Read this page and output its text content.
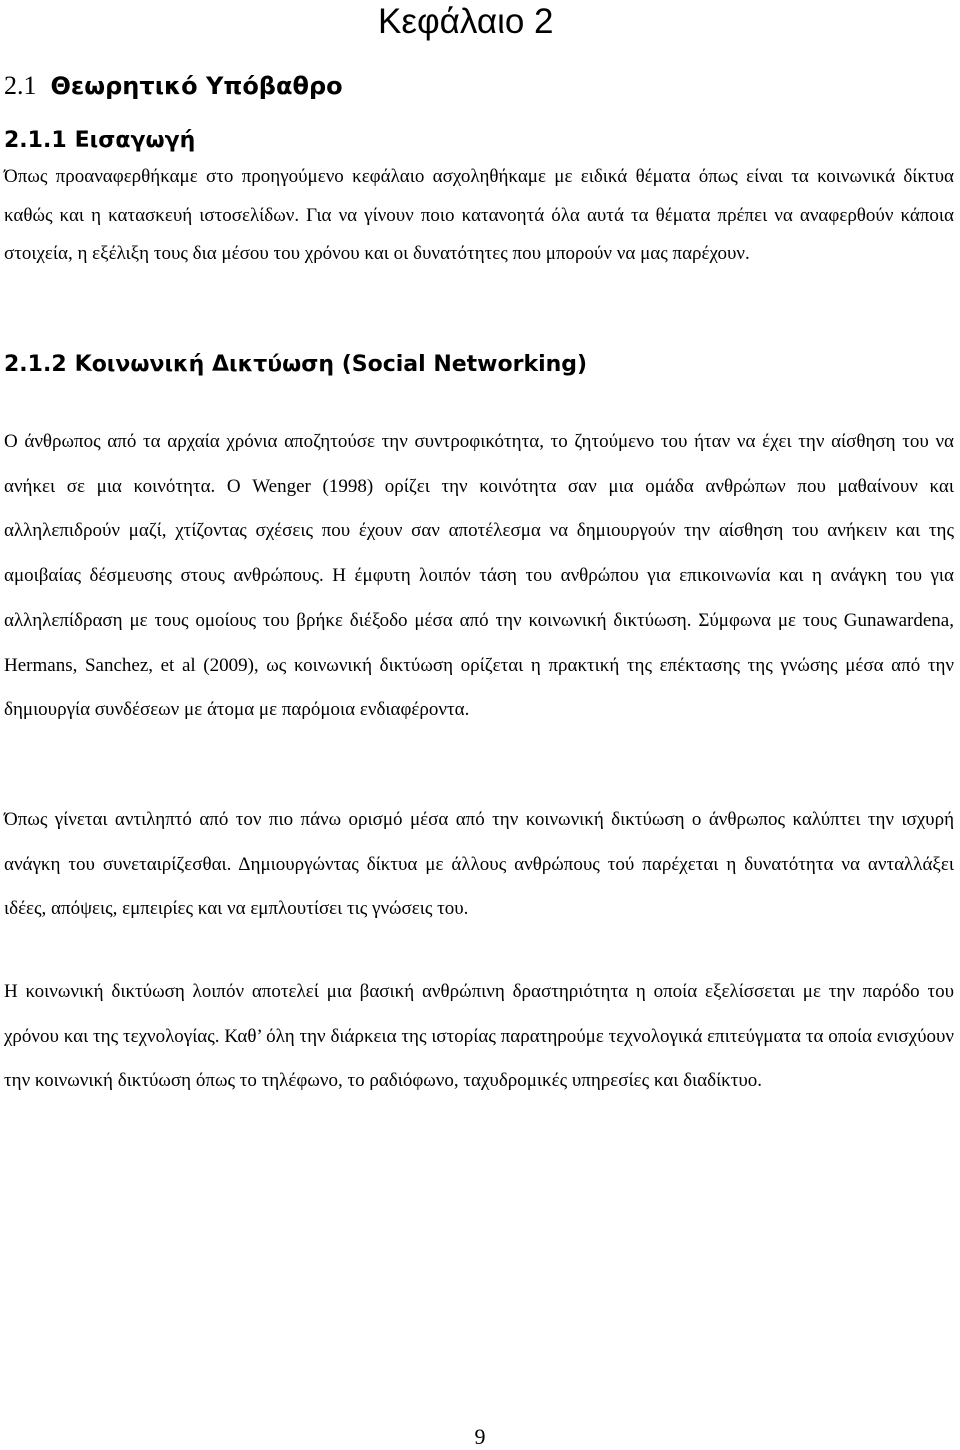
Κεφάλαιο 2
2.1 Θεωρητικό Υπόβαθρο
2.1.1 Εισαγωγή

Όπως προαναφερθήκαμε στο προηγούμενο κεφάλαιο ασχοληθήκαμε με ειδικά θέματα όπως είναι τα κοινωνικά δίκτυα καθώς και η κατασκευή ιστοσελίδων. Για να γίνουν ποιο κατανοητά όλα αυτά τα θέματα πρέπει να αναφερθούν κάποια στοιχεία, η εξέλιξη τους δια μέσου του χρόνου και οι δυνατότητες που μπορούν να μας παρέχουν.

2.1.2 Κοινωνική Δικτύωση (Social Networking)

Ο άνθρωπος από τα αρχαία χρόνια αποζητούσε την συντροφικότητα, το ζητούμενο του ήταν να έχει την αίσθηση του να ανήκει σε μια κοινότητα. Ο Wenger (1998) ορίζει την κοινότητα σαν μια ομάδα ανθρώπων που μαθαίνουν και αλληλεπιδρούν μαζί, χτίζοντας σχέσεις που έχουν σαν αποτέλεσμα να δημιουργούν την αίσθηση του ανήκειν και της αμοιβαίας δέσμευσης στους ανθρώπους. Η έμφυτη λοιπόν τάση του ανθρώπου για επικοινωνία και η ανάγκη του για αλληλεπίδραση με τους ομοίους του βρήκε διέξοδο μέσα από την κοινωνική δικτύωση. Σύμφωνα με τους Gunawardena, Hermans, Sanchez, et al (2009), ως κοινωνική δικτύωση ορίζεται η πρακτική της επέκτασης της γνώσης μέσα από την δημιουργία συνδέσεων με άτομα με παρόμοια ενδιαφέροντα.

Όπως γίνεται αντιληπτό από τον πιο πάνω ορισμό μέσα από την κοινωνική δικτύωση ο άνθρωπος καλύπτει την ισχυρή ανάγκη του συνεταιρίζεσθαι. Δημιουργώντας δίκτυα με άλλους ανθρώπους τού παρέχεται η δυνατότητα να ανταλλάξει ιδέες, απόψεις, εμπειρίες και να εμπλουτίσει τις γνώσεις του.

Η κοινωνική δικτύωση λοιπόν αποτελεί μια βασική ανθρώπινη δραστηριότητα η οποία εξελίσσεται με την παρόδο του χρόνου και της τεχνολογίας. Καθ’ όλη την διάρκεια της ιστορίας παρατηρούμε τεχνολογικά επιτεύγματα τα οποία ενισχύουν την κοινωνική δικτύωση όπως το τηλέφωνο, το ραδιόφωνο, ταχυδρομικές υπηρεσίες και διαδίκτυο.

9
